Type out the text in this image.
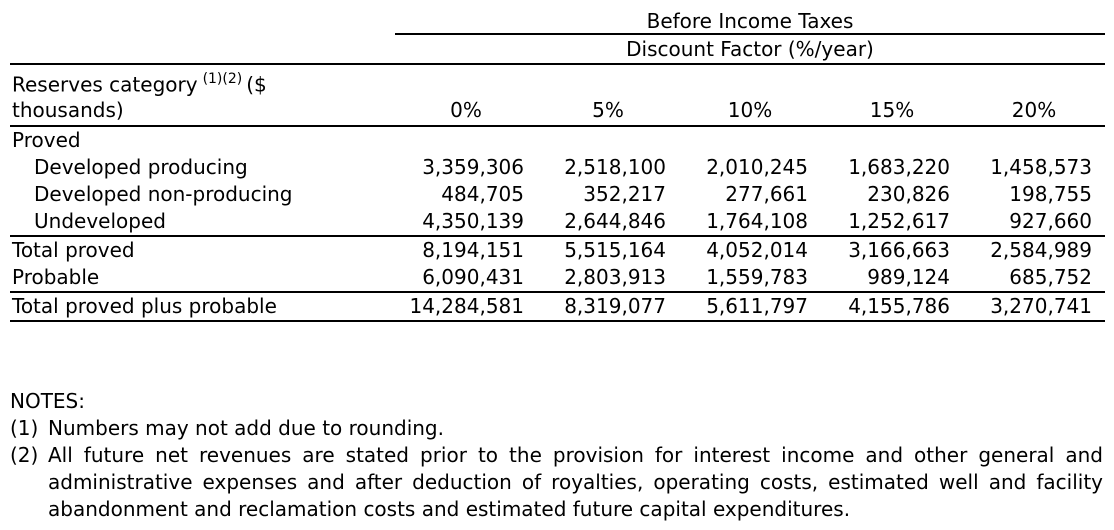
Before Income Taxes
Discount Factor (%/year)
Reserves category $^{(1)(2)}$ ($
thousands)	0%	5%	10%	15%	20%
Proved
Developed producing	3,359,306	2,518,100	2,010,245	1,683,220	1,458,573
Developed non-producing	484,705	352,217	277,661	230,826	198,755
Undeveloped	4,350,139	2,644,846	1,764,108	1,252,617	927,660
Total proved	8,194,151	5,515,164	4,052,014	3,166,663	2,584,989
Probable	6,090,431	2,803,913	1,559,783	989,124	685,752
Total proved plus probable	14,284,581	8,319,077	5,611,797	4,155,786	3,270,741
NOTES:
(1) Numbers may not add due to rounding.
(2) All future net revenues are stated prior to the provision for interest income and other general and
administrative expenses and after deduction of royalties, operating costs, estimated well and facility
abandonment and reclamation costs and estimated future capital expenditures.
